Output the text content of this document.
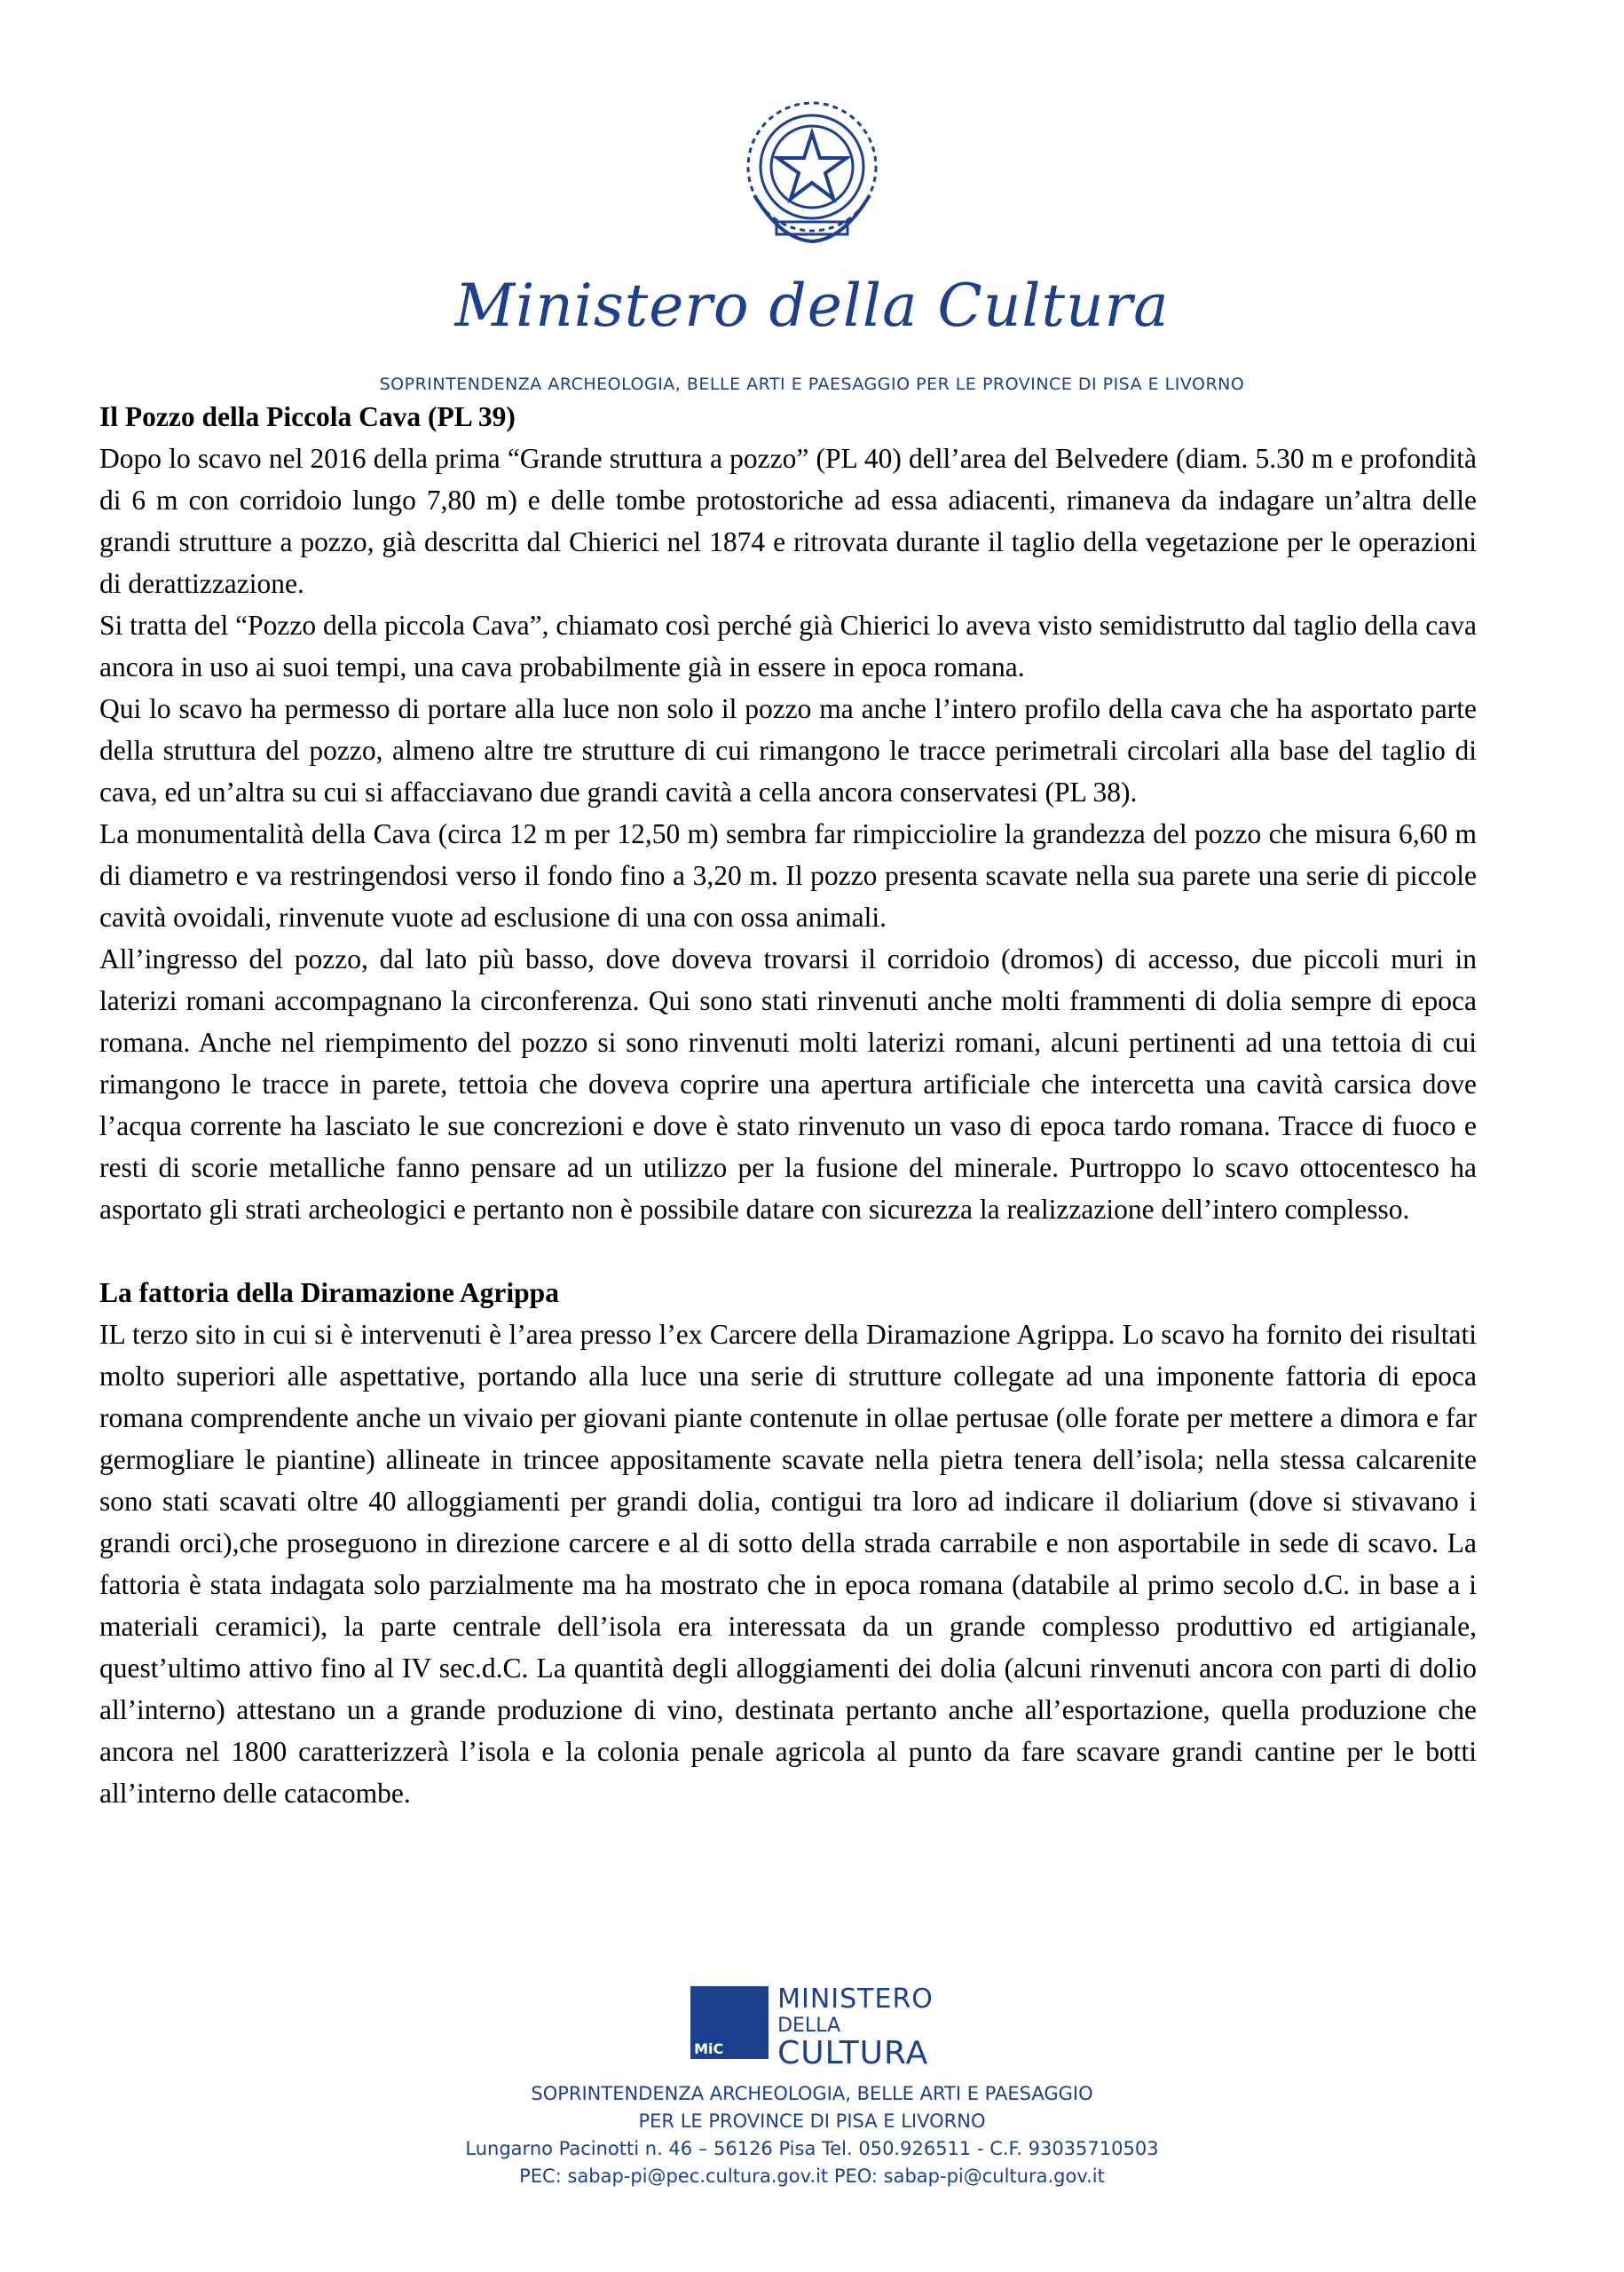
Ministero della Cultura
SOPRINTENDENZA ARCHEOLOGIA, BELLE ARTI E PAESAGGIO PER LE PROVINCE DI PISA E LIVORNO
Il Pozzo della Piccola Cava (PL 39)

Dopo lo scavo nel 2016 della prima “Grande struttura a pozzo” (PL 40) dell’area del Belvedere (diam. 5.30 m e profondità di 6 m con corridoio lungo 7,80 m) e delle tombe protostoriche ad essa adiacenti, rimaneva da indagare un’altra delle grandi strutture a pozzo, già descritta dal Chierici nel 1874 e ritrovata durante il taglio della vegetazione per le operazioni di derattizzazione.

Si tratta del “Pozzo della piccola Cava”, chiamato così perché già Chierici lo aveva visto semidistrutto dal taglio della cava ancora in uso ai suoi tempi, una cava probabilmente già in essere in epoca romana.

Qui lo scavo ha permesso di portare alla luce non solo il pozzo ma anche l’intero profilo della cava che ha asportato parte della struttura del pozzo, almeno altre tre strutture di cui rimangono le tracce perimetrali circolari alla base del taglio di cava, ed un’altra su cui si affacciavano due grandi cavità a cella ancora conservatesi (PL 38).

La monumentalità della Cava (circa 12 m per 12,50 m) sembra far rimpicciolire la grandezza del pozzo che misura 6,60 m di diametro e va restringendosi verso il fondo fino a 3,20 m. Il pozzo presenta scavate nella sua parete una serie di piccole cavità ovoidali, rinvenute vuote ad esclusione di una con ossa animali.

All’ingresso del pozzo, dal lato più basso, dove doveva trovarsi il corridoio (dromos) di accesso, due piccoli muri in laterizi romani accompagnano la circonferenza. Qui sono stati rinvenuti anche molti frammenti di dolia sempre di epoca romana. Anche nel riempimento del pozzo si sono rinvenuti molti laterizi romani, alcuni pertinenti ad una tettoia di cui rimangono le tracce in parete, tettoia che doveva coprire una apertura artificiale che intercetta una cavità carsica dove l’acqua corrente ha lasciato le sue concrezioni e dove è stato rinvenuto un vaso di epoca tardo romana. Tracce di fuoco e resti di scorie metalliche fanno pensare ad un utilizzo per la fusione del minerale. Purtroppo lo scavo ottocentesco ha asportato gli strati archeologici e pertanto non è possibile datare con sicurezza la realizzazione dell’intero complesso.

La fattoria della Diramazione Agrippa

IL terzo sito in cui si è intervenuti è l’area presso l’ex Carcere della Diramazione Agrippa. Lo scavo ha fornito dei risultati molto superiori alle aspettative, portando alla luce una serie di strutture collegate ad una imponente fattoria di epoca romana comprendente anche un vivaio per giovani piante contenute in ollae pertusae (olle forate per mettere a dimora e far germogliare le piantine) allineate in trincee appositamente scavate nella pietra tenera dell’isola; nella stessa calcarenite sono stati scavati oltre 40 alloggiamenti per grandi dolia, contigui tra loro ad indicare il doliarium (dove si stivavano i grandi orci),che proseguono in direzione carcere e al di sotto della strada carrabile e non asportabile in sede di scavo. La fattoria è stata indagata solo parzialmente ma ha mostrato che in epoca romana (databile al primo secolo d.C. in base a i materiali ceramici), la parte centrale dell’isola era interessata da un grande complesso produttivo ed artigianale, quest’ultimo attivo fino al IV sec.d.C. La quantità degli alloggiamenti dei dolia (alcuni rinvenuti ancora con parti di dolio all’interno) attestano un a grande produzione di vino, destinata pertanto anche all’esportazione, quella produzione che ancora nel 1800 caratterizzerà l’isola e la colonia penale agricola al punto da fare scavare grandi cantine per le botti all’interno delle catacombe.

MiC
MINISTERO
DELLA
CULTURA
SOPRINTENDENZA ARCHEOLOGIA, BELLE ARTI E PAESAGGIO
PER LE PROVINCE DI PISA E LIVORNO
Lungarno Pacinotti n. 46 – 56126 Pisa Tel. 050.926511 - C.F. 93035710503
PEC: sabap-pi@pec.cultura.gov.it PEO: sabap-pi@cultura.gov.it
